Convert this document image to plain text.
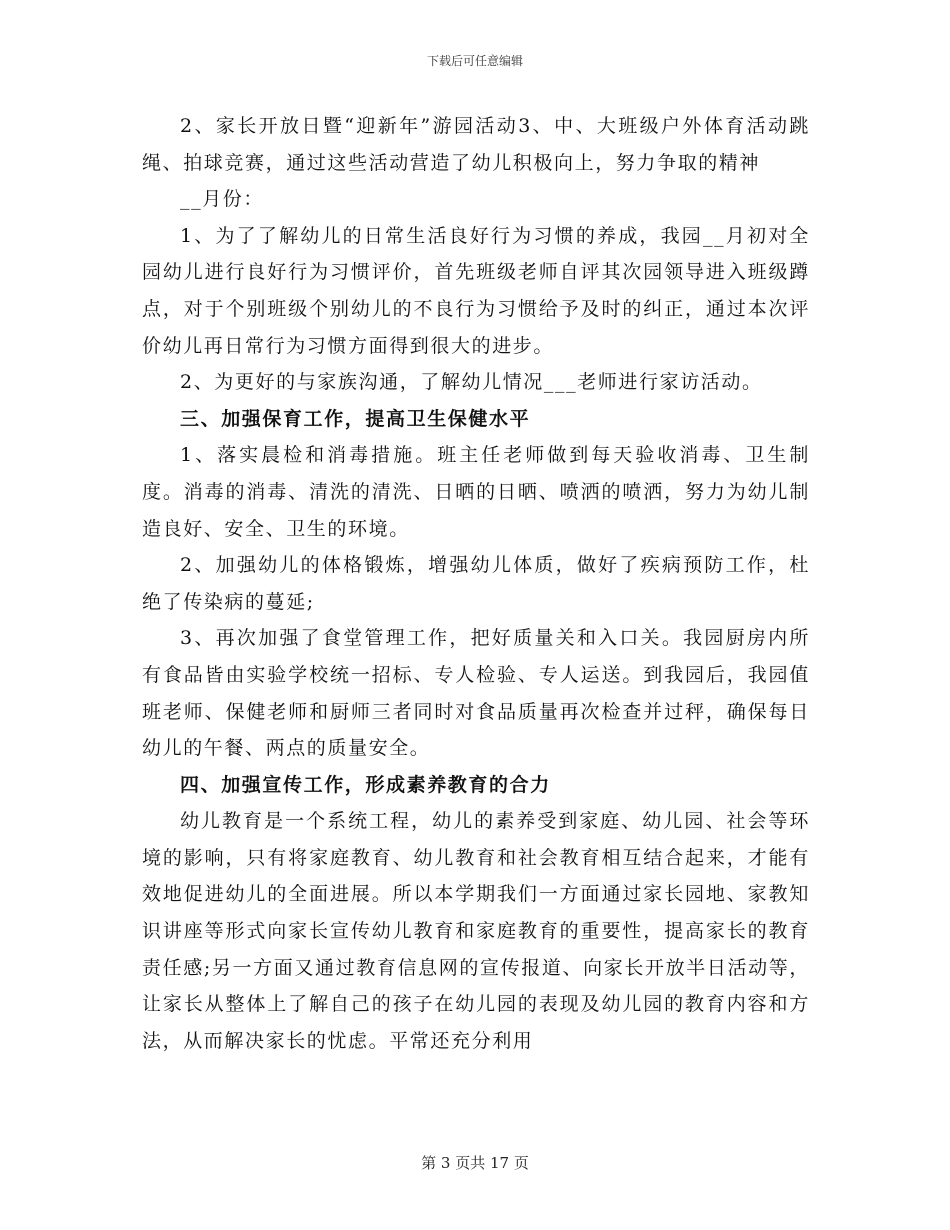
下载后可任意编辑

2、家长开放日暨“迎新年”游园活动3、中、大班级户外体育活动跳绳、拍球竞赛，通过这些活动营造了幼儿积极向上，努力争取的精神

__月份：

1、为了了解幼儿的日常生活良好行为习惯的养成，我园__月初对全园幼儿进行良好行为习惯评价，首先班级老师自评其次园领导进入班级蹲点，对于个别班级个别幼儿的不良行为习惯给予及时的纠正，通过本次评价幼儿再日常行为习惯方面得到很大的进步。

2、为更好的与家族沟通，了解幼儿情况___老师进行家访活动。

三、加强保育工作，提高卫生保健水平

1、落实晨检和消毒措施。班主任老师做到每天验收消毒、卫生制度。消毒的消毒、清洗的清洗、日晒的日晒、喷洒的喷洒，努力为幼儿制造良好、安全、卫生的环境。

2、加强幼儿的体格锻炼，增强幼儿体质，做好了疾病预防工作，杜绝了传染病的蔓延;

3、再次加强了食堂管理工作，把好质量关和入口关。我园厨房内所有食品皆由实验学校统一招标、专人检验、专人运送。到我园后，我园值班老师、保健老师和厨师三者同时对食品质量再次检查并过秤，确保每日幼儿的午餐、两点的质量安全。

四、加强宣传工作，形成素养教育的合力

幼儿教育是一个系统工程，幼儿的素养受到家庭、幼儿园、社会等环境的影响，只有将家庭教育、幼儿教育和社会教育相互结合起来，才能有效地促进幼儿的全面进展。所以本学期我们一方面通过家长园地、家教知识讲座等形式向家长宣传幼儿教育和家庭教育的重要性，提高家长的教育责任感;另一方面又通过教育信息网的宣传报道、向家长开放半日活动等，让家长从整体上了解自己的孩子在幼儿园的表现及幼儿园的教育内容和方法，从而解决家长的忧虑。平常还充分利用

第 3 页共 17 页
